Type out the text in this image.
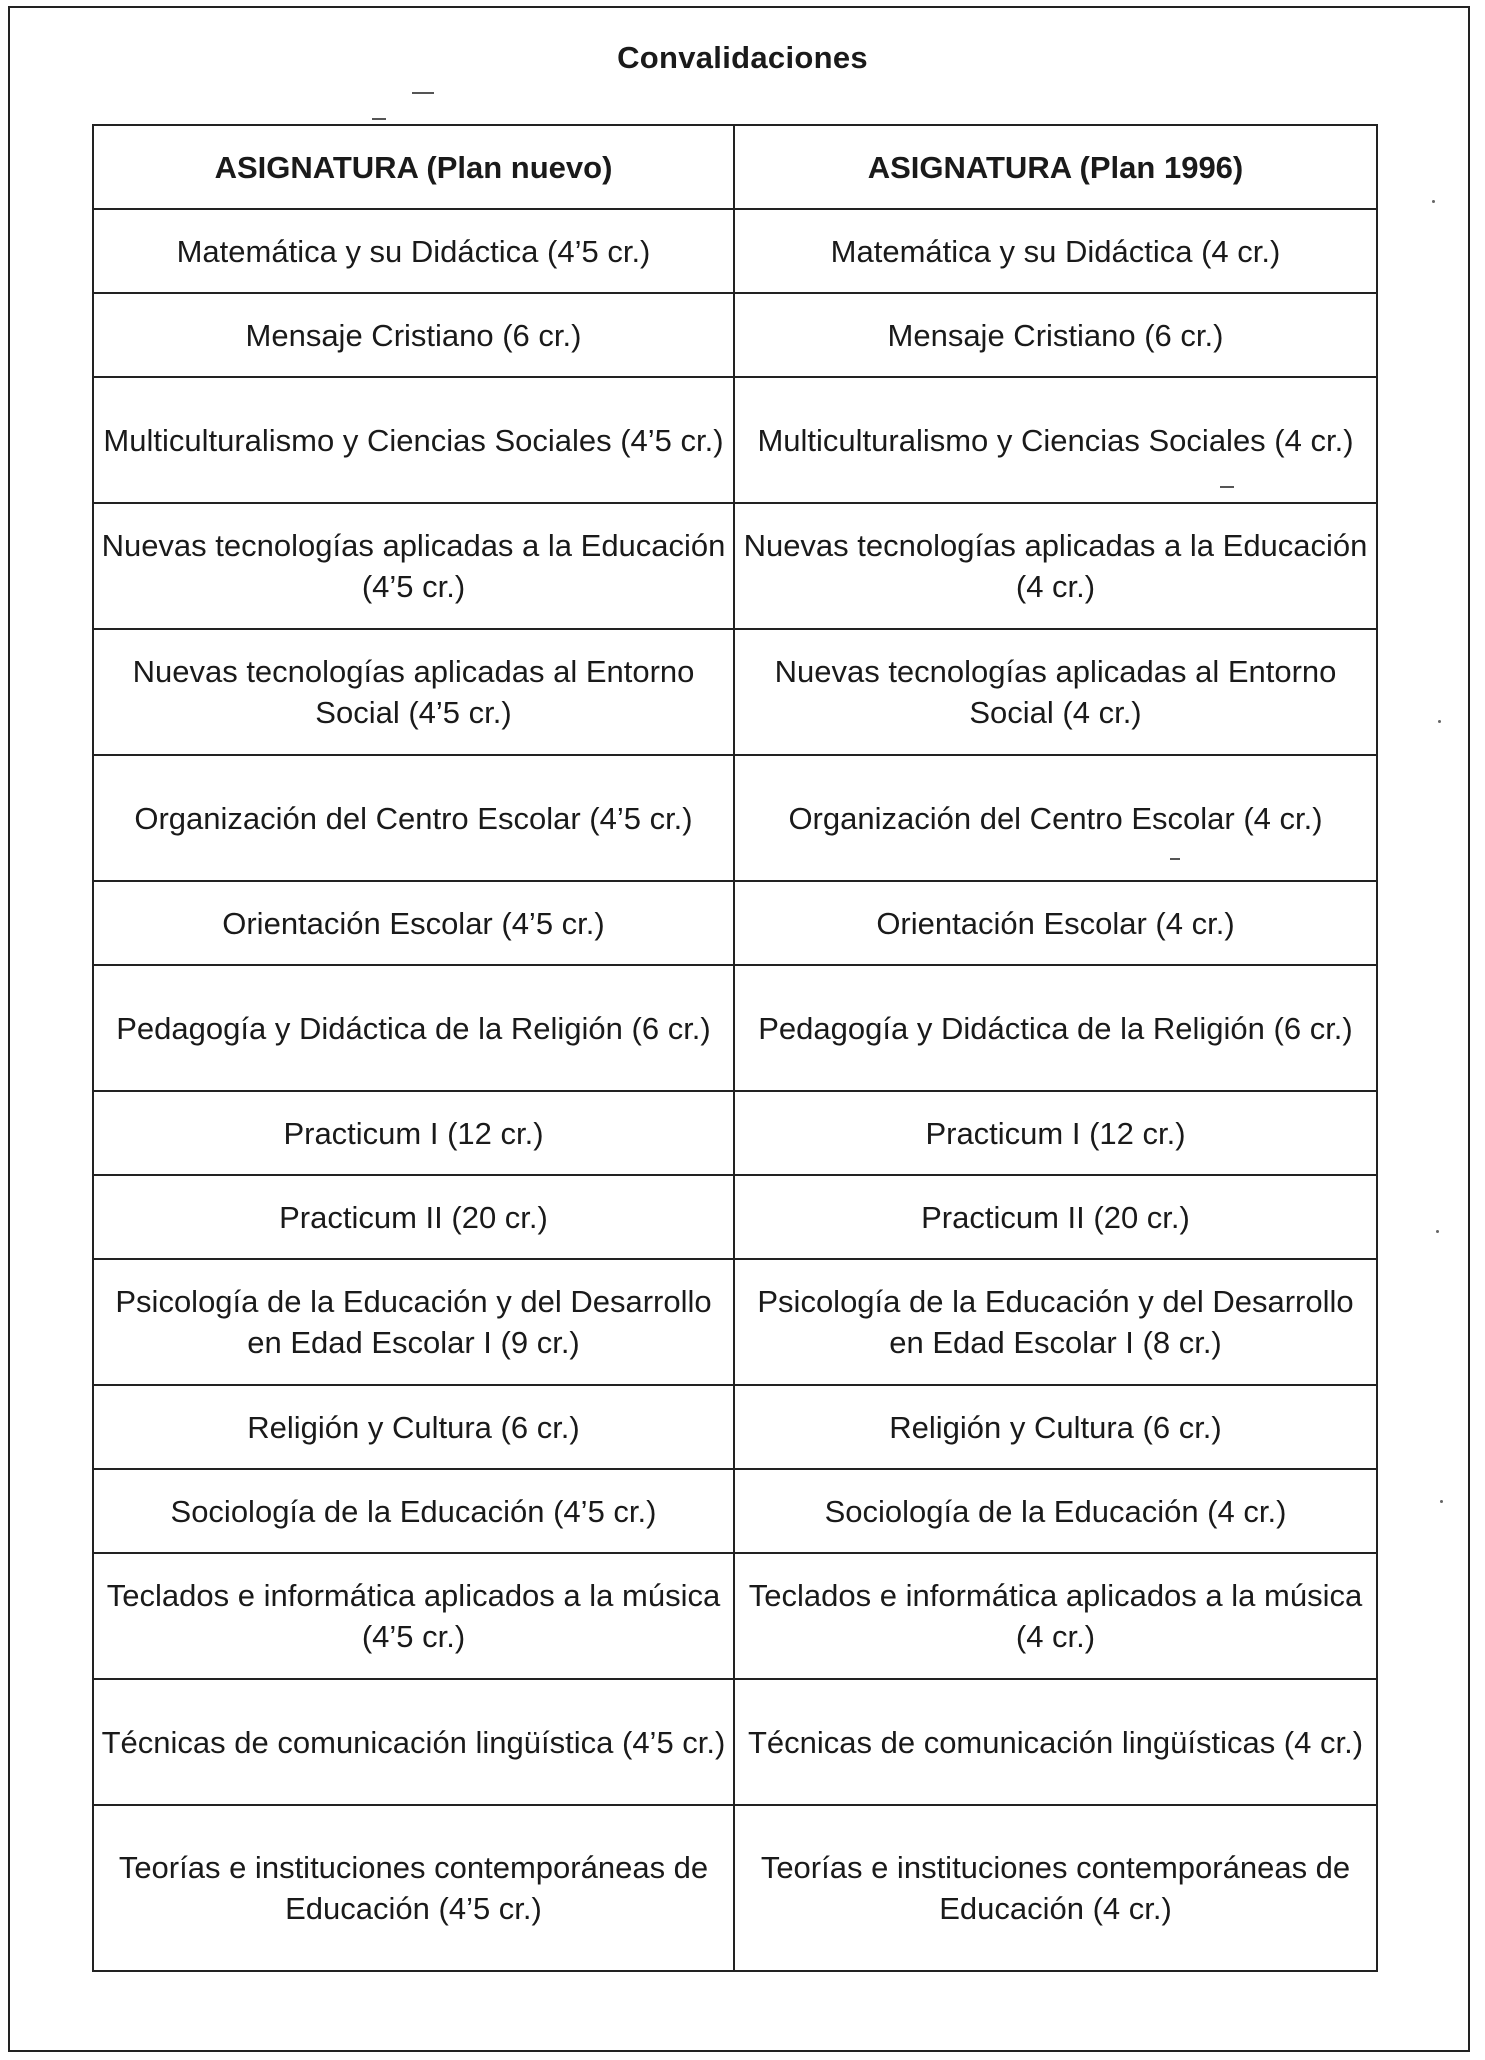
Convalidaciones
ASIGNATURA (Plan nuevo)	ASIGNATURA (Plan 1996)
Matemática y su Didáctica (4’5 cr.)	Matemática y su Didáctica (4 cr.)
Mensaje Cristiano (6 cr.)	Mensaje Cristiano (6 cr.)
Multiculturalismo y Ciencias Sociales (4’5 cr.)	Multiculturalismo y Ciencias Sociales (4 cr.)
Nuevas tecnologías aplicadas a la Educación (4’5 cr.)	Nuevas tecnologías aplicadas a la Educación (4 cr.)
Nuevas tecnologías aplicadas al Entorno Social (4’5 cr.)	Nuevas tecnologías aplicadas al Entorno Social (4 cr.)
Organización del Centro Escolar (4’5 cr.)	Organización del Centro Escolar (4 cr.)
Orientación Escolar (4’5 cr.)	Orientación Escolar (4 cr.)
Pedagogía y Didáctica de la Religión (6 cr.)	Pedagogía y Didáctica de la Religión (6 cr.)
Practicum I (12 cr.)	Practicum I (12 cr.)
Practicum II (20 cr.)	Practicum II (20 cr.)
Psicología de la Educación y del Desarrollo en Edad Escolar I (9 cr.)	Psicología de la Educación y del Desarrollo en Edad Escolar I (8 cr.)
Religión y Cultura (6 cr.)	Religión y Cultura (6 cr.)
Sociología de la Educación (4’5 cr.)	Sociología de la Educación (4 cr.)
Teclados e informática aplicados a la música (4’5 cr.)	Teclados e informática aplicados a la música (4 cr.)
Técnicas de comunicación lingüística (4’5 cr.)	Técnicas de comunicación lingüísticas (4 cr.)
Teorías e instituciones contemporáneas de Educación (4’5 cr.)	Teorías e instituciones contemporáneas de Educación (4 cr.)
